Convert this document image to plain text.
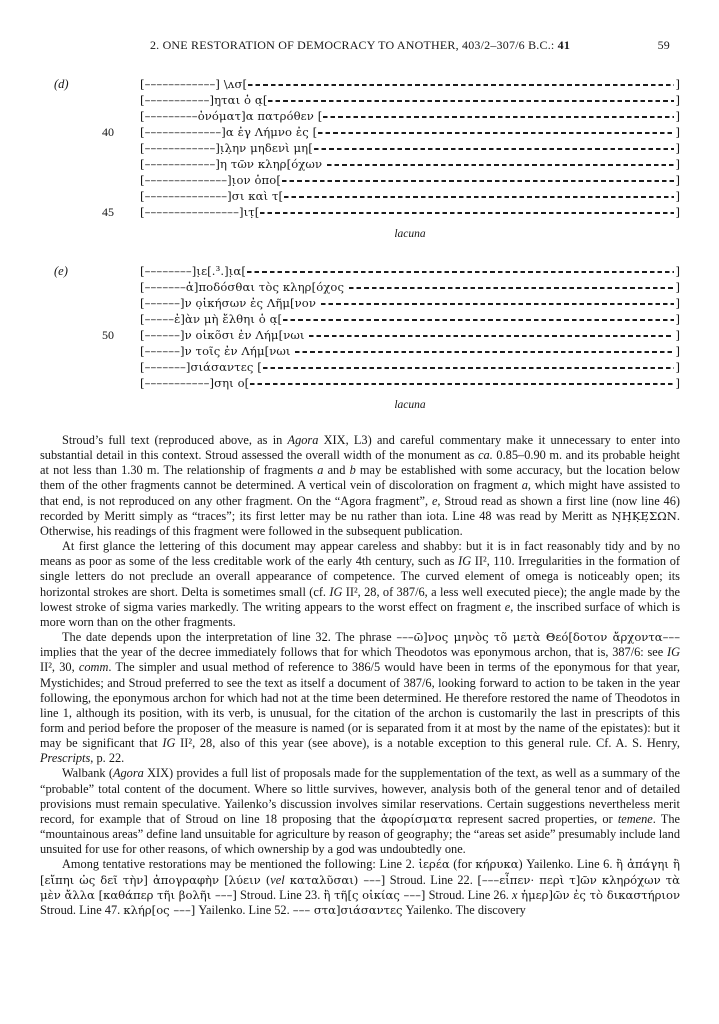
2. ONE RESTORATION OF DEMOCRACY TO ANOTHER, 403/2–307/6 B.C.: 41	59
(d)	[––––––––––––] \ʌσ[	]
[–––––––––––]η̣ται ὁ α̣[	]
[–––––––––ὀνόματ]α πατρόθεν [	]
40	[–––––––––––––]α ἐγ Λήμνο ἐς [	]
[––––––––––––]ι̣λ̣ην μηδενὶ μη[	]
[––––––––––––]η τῶν κληρ[όχων	]
[––––––––––––––]ι̣ον ὁπο[	]
[––––––––––––––]σι καὶ τ[	]
45	[––––––––––––––––]ιτ̣[	]
lacuna
(e)	[––––––––]ι̣ε[.³.]ι̣α[	]
[–––––––ἀ]ποδόσθαι τὸς κληρ[όχος	]
[––––––]ν ο̣ἰκήσων ἐς Λῆμ[νον	]
[–––––ἐ]ὰν μὴ ἔλθηι ὁ α̣[	]
50	[––––––]ν οἰκõσι ἐν Λήμ[νωι	]
[––––––]ν τοῖς ἐν Λήμ[νωι	]
[–––––––]σιάσαντες [	]
[–––––––––––]σηι ο[	]
lacuna

Stroud’s full text (reproduced above, as in Agora XIX, L3) and careful commentary make it unnecessary to enter into substantial detail in this context. Stroud assessed the overall width of the monument as ca. 0.85–0.90 m. and its probable height at not less than 1.30 m. The relationship of fragments a and b may be established with some accuracy, but the location below them of the other fragments cannot be determined. A vertical vein of discoloration on fragment a, which might have assisted to that end, is not reproduced on any other fragment. On the “Agora fragment”, e, Stroud read as shown a first line (now line 46) recorded by Meritt simply as “traces”; its first letter may be nu rather than iota. Line 48 was read by Meritt as Ν̣Η̣Κ̣Ε̣ΣΩΝ. Otherwise, his readings of this fragment were followed in the subsequent publication.

At first glance the lettering of this document may appear careless and shabby: but it is in fact reasonably tidy and by no means as poor as some of the less creditable work of the early 4th century, such as IG II², 110. Irregularities in the formation of single letters do not preclude an overall appearance of competence. The curved element of omega is noticeably open; its horizontal strokes are short. Delta is sometimes small (cf. IG II², 28, of 387/6, a less well executed piece); the angle made by the lowest stroke of sigma varies markedly. The writing appears to the worst effect on fragment e, the inscribed surface of which is more worn than on the other fragments.

The date depends upon the interpretation of line 32. The phrase –––ῶ]νος μηνὸς τõ μετὰ Θεό[δοτον ἄρχοντα––– implies that the year of the decree immediately follows that for which Theodotos was eponymous archon, that is, 387/6: see IG II², 30, comm. The simpler and usual method of reference to 386/5 would have been in terms of the eponymous for that year, Mystichides; and Stroud preferred to see the text as itself a document of 387/6, looking forward to action to be taken in the year following, the eponymous archon for which had not at the time been determined. He therefore restored the name of Theodotos in line 1, although its position, with its verb, is unusual, for the citation of the archon is customarily the last in prescripts of this form and period before the proposer of the measure is named (or is separated from it at most by the name of the epistates): but it may be significant that IG II², 28, also of this year (see above), is a notable exception to this general rule. Cf. A. S. Henry, Prescripts, p. 22.

Walbank (Agora XIX) provides a full list of proposals made for the supplementation of the text, as well as a summary of the “probable” total content of the document. Where so little survives, however, analysis both of the general tenor and of detailed provisions must remain speculative. Yailenko’s discussion involves similar reservations. Certain suggestions nevertheless merit record, for example that of Stroud on line 18 proposing that the ἀφορίσματα represent sacred properties, or temene. The “mountainous areas” define land unsuitable for agriculture by reason of geography; the “areas set aside” presumably include land unsuited for use for other reasons, of which ownership by a god was undoubtedly one.

Among tentative restorations may be mentioned the following: Line 2. ἱερέα (for κήρυκα) Yailenko. Line 6. ἢ ἀπάγηι ἢ [εἴπηι ὡς δεῖ τὴν] ἀπογραφὴν [λύειν (vel καταλῦσαι) –––] Stroud. Line 22. [–––εἶπεν· περὶ τ]ῶν κληρόχων τὰ μὲν ἄλλα [καθάπερ τῆι βολῆι –––] Stroud. Line 23. ἢ τῆ[ς οἰκίας –––] Stroud. Line 26. x ἡμερ]ῶν ἐς τὸ δικαστήριον Stroud. Line 47. κλήρ[ος –––] Yailenko. Line 52. ––– στα]σιάσαντες Yailenko. The discovery
